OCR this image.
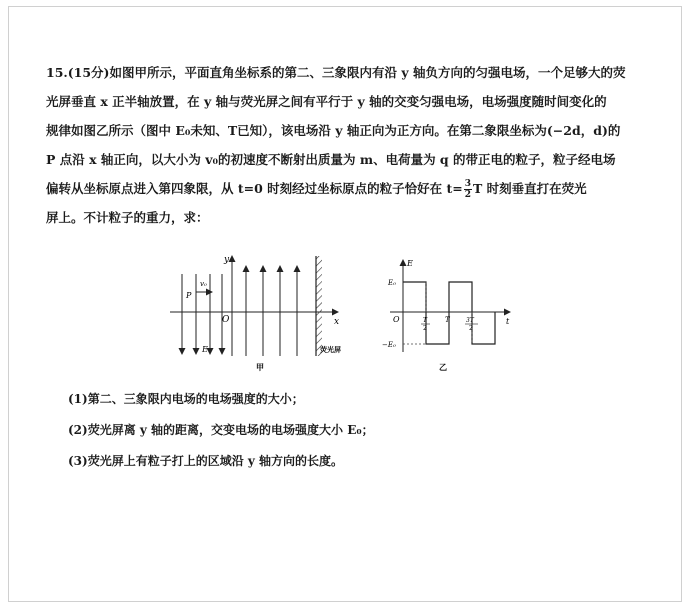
15.(15分)如图甲所示，平面直角坐标系的第二、三象限内有沿 y 轴负方向的匀强电场，一个足够大的荧

光屏垂直 x 正半轴放置，在 y 轴与荧光屏之间有平行于 y 轴的交变匀强电场，电场强度随时间变化的

规律如图乙所示（图中 E₀未知、T已知），该电场沿 y 轴正向为正方向。在第二象限坐标为(−2d，d)的

P 点沿 x 轴正向，以大小为 v₀的初速度不断射出质量为 m、电荷量为 q 的带正电的粒子，粒子经电场

偏转从坐标原点进入第四象限，从 t=0 时刻经过坐标原点的粒子恰好在 $t= \frac{3}{2}$ T 时刻垂直打在荧光

屏上。不计粒子的重力，求：

y
x
O
P
v₀
E	荧光屏
甲
E
t
O
E₀
−E₀
T
2
T	3T
2
乙

(1)第二、三象限内电场的电场强度的大小；

(2)荧光屏离 y 轴的距离，交变电场的电场强度大小 E₀；

(3)荧光屏上有粒子打上的区域沿 y 轴方向的长度。
